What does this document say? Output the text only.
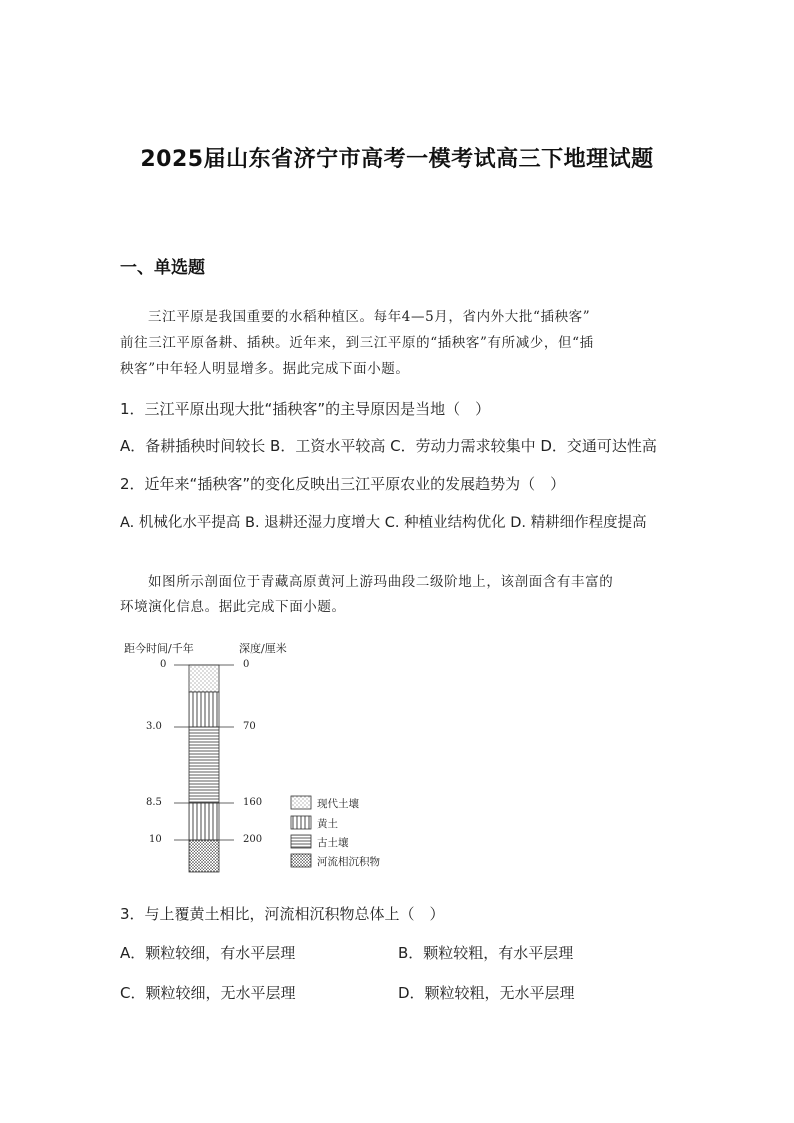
2025届山东省济宁市高考一模考试高三下地理试题
一、单选题
三江平原是我国重要的水稻种植区。每年4—5月，省内外大批“插秧客”
前往三江平原备耕、插秧。近年来，到三江平原的“插秧客”有所减少，但“插
秧客”中年轻人明显增多。据此完成下面小题。
1．三江平原出现大批“插秧客”的主导原因是当地（　）
A．备耕插秧时间较长 B．工资水平较高 C．劳动力需求较集中 D．交通可达性高
2．近年来“插秧客”的变化反映出三江平原农业的发展趋势为（　）
A. 机械化水平提高 B. 退耕还湿力度增大 C. 种植业结构优化 D. 精耕细作程度提高
如图所示剖面位于青藏高原黄河上游玛曲段二级阶地上，该剖面含有丰富的
环境演化信息。据此完成下面小题。
距今时间/千年	深度/厘米
0
3.0
8.5
10
0
70
160
200
现代土壤
黄土
古土壤
河流相沉积物
3．与上覆黄土相比，河流相沉积物总体上（　）
A．颗粒较细，有水平层理	B．颗粒较粗，有水平层理
C．颗粒较细，无水平层理	D．颗粒较粗，无水平层理
